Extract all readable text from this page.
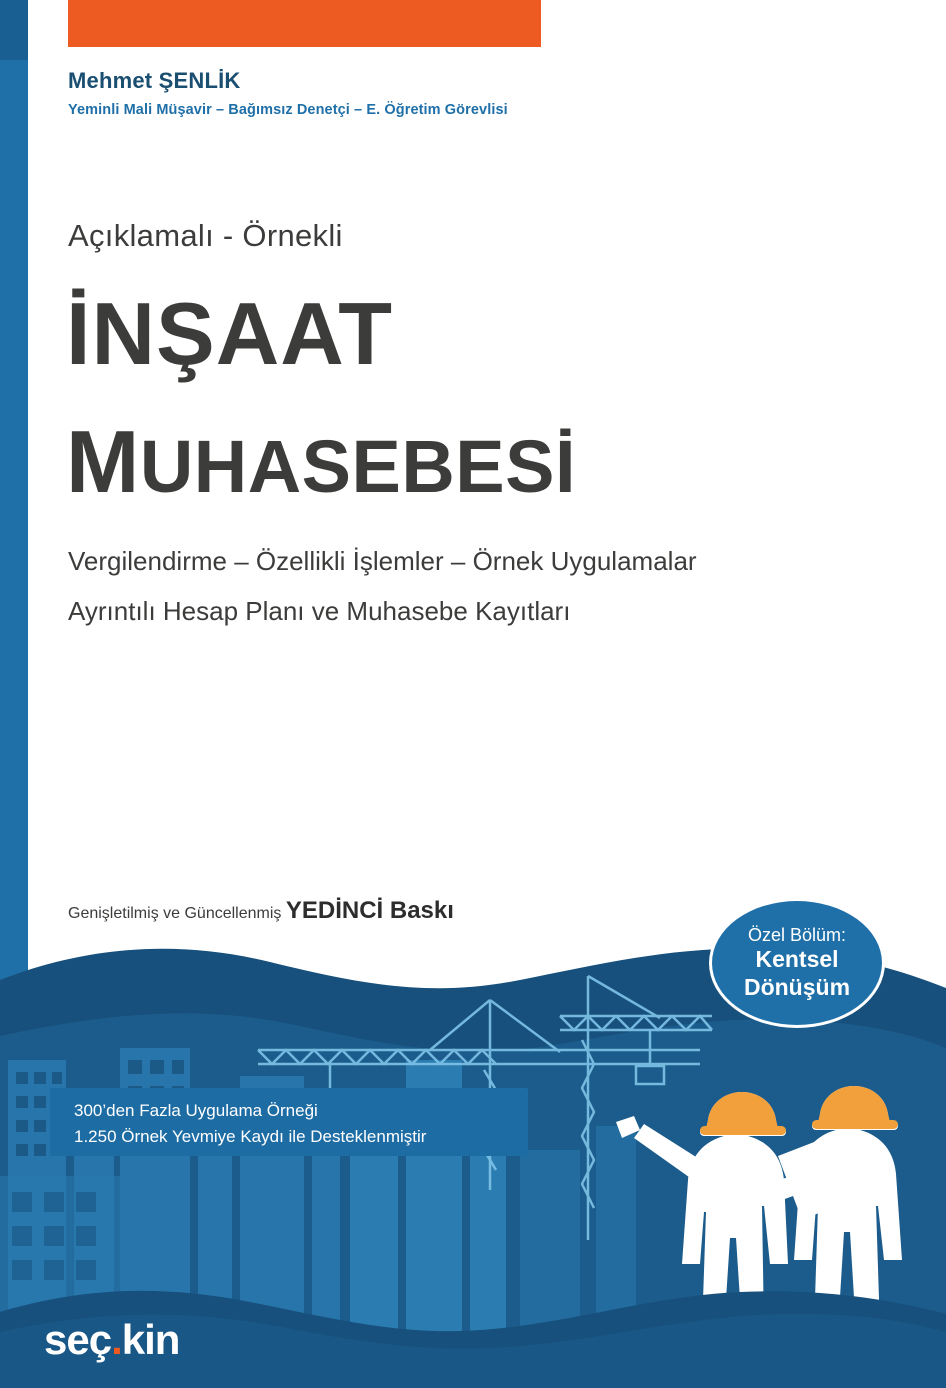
Mehmet ŞENLİK
Yeminli Mali Müşavir – Bağımsız Denetçi – E. Öğretim Görevlisi
Açıklamalı - Örnekli
İNŞAAT
MUHASEBESİ
Vergilendirme – Özellikli İşlemler – Örnek Uygulamalar
Ayrıntılı Hesap Planı ve Muhasebe Kayıtları
Genişletilmiş ve Güncellenmiş YEDİNCİ Baskı
Özel Bölüm:
Kentsel
Dönüşüm
300’den Fazla Uygulama Örneği
1.250 Örnek Yevmiye Kaydı ile Desteklenmiştir
seç.kin
